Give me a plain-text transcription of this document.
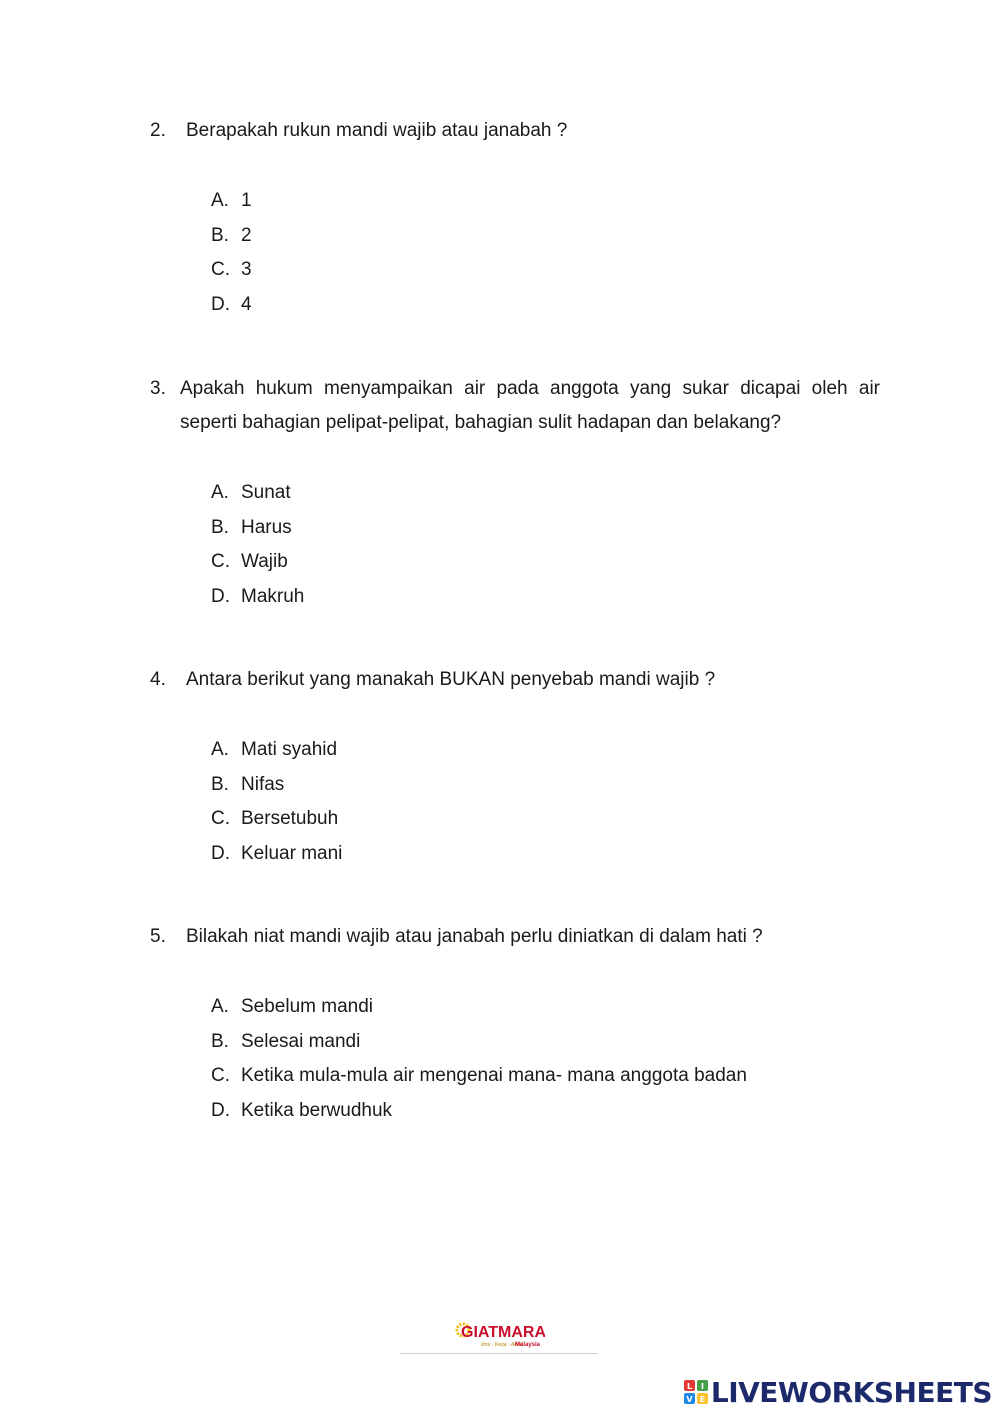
2.	Berapakah rukun mandi wajib atau janabah ?
A. 1
B. 2
C. 3
D. 4
3. Apakah hukum menyampaikan air pada anggota yang sukar dicapai oleh air seperti bahagian pelipat-pelipat, bahagian sulit hadapan dan belakang?
A. Sunat
B. Harus
C. Wajib
D. Makruh
4.	Antara berikut yang manakah BUKAN penyebab mandi wajib ?
A. Mati syahid
B. Nifas
C. Bersetubuh
D. Keluar mani
5.	Bilakah niat mandi wajib atau janabah perlu diniatkan di dalam hati ?
A. Sebelum mandi
B. Selesai mandi
C. Ketika mula-mula air mengenai mana- mana anggota badan
D. Ketika berwudhuk
GIATMARA
Ilmu · Kerja · Amal
Malaysia
L I
V E LIVEWORKSHEETS
